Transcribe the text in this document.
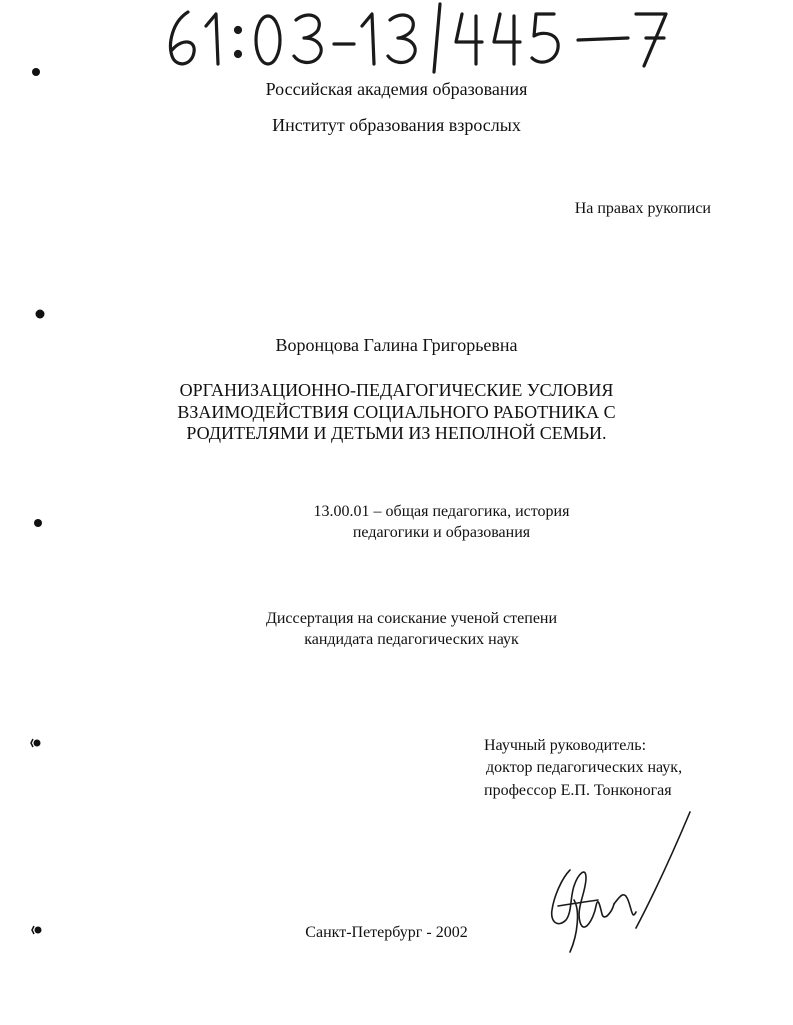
Российская академия образования
Институт образования взрослых
На правах рукописи
Воронцова Галина Григорьевна
ОРГАНИЗАЦИОННО-ПЕДАГОГИЧЕСКИЕ УСЛОВИЯ
ВЗАИМОДЕЙСТВИЯ СОЦИАЛЬНОГО РАБОТНИКА С
РОДИТЕЛЯМИ И ДЕТЬМИ ИЗ НЕПОЛНОЙ СЕМЬИ.
13.00.01 – общая педагогика, история
педагогики и образования
Диссертация на соискание ученой степени
кандидата педагогических наук
Научный руководитель:
доктор педагогических наук,
профессор Е.П. Тонконогая
Санкт-Петербург - 2002
